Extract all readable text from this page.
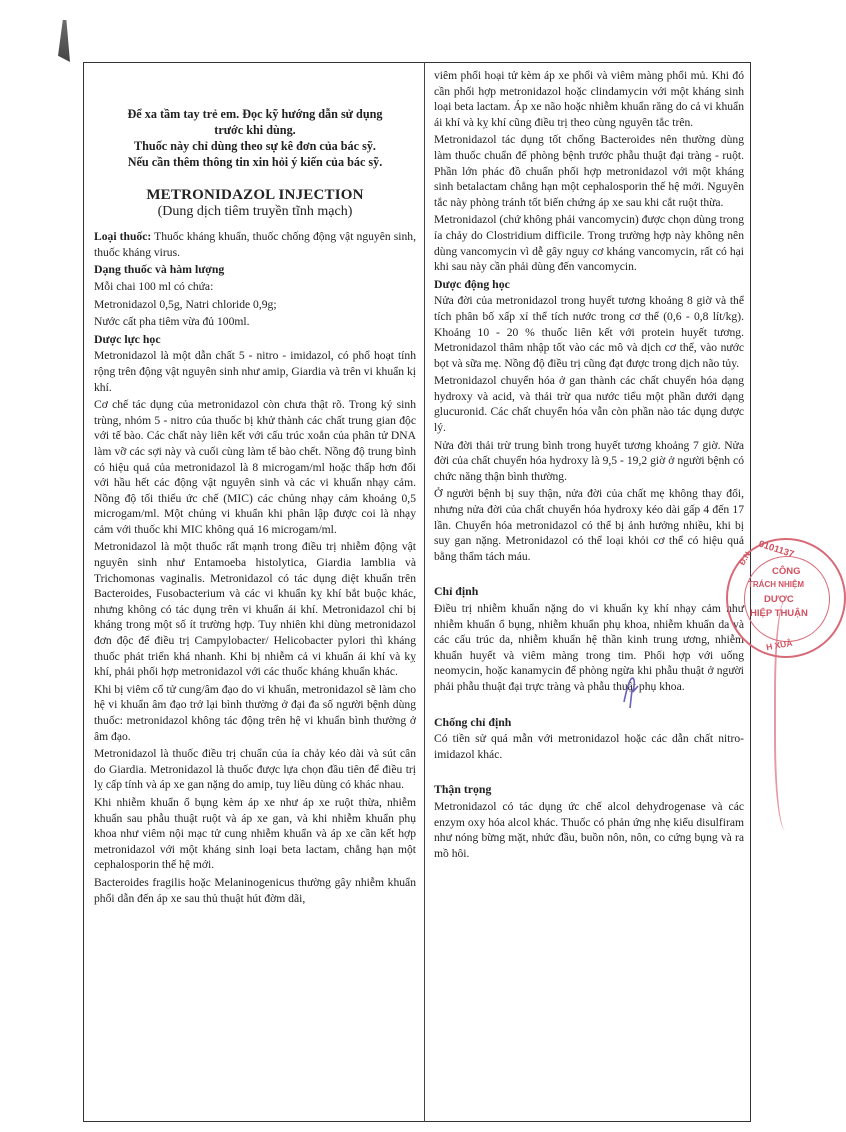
Để xa tầm tay trẻ em. Đọc kỹ hướng dẫn sử dụng
trước khi dùng.
Thuốc này chỉ dùng theo sự kê đơn của bác sỹ.
Nếu cần thêm thông tin xin hỏi ý kiến của bác sỹ.
METRONIDAZOL INJECTION
(Dung dịch tiêm truyền tĩnh mạch)

Loại thuốc: Thuốc kháng khuẩn, thuốc chống động vật nguyên sinh, thuốc kháng virus.

Dạng thuốc và hàm lượng

Mỗi chai 100 ml có chứa:

Metronidazol 0,5g, Natri chloride 0,9g;

Nước cất pha tiêm vừa đủ 100ml.

Dược lực học

Metronidazol là một dẫn chất 5 - nitro - imidazol, có phổ hoạt tính rộng trên động vật nguyên sinh như amip, Giardia và trên vi khuẩn kị khí.

Cơ chế tác dụng của metronidazol còn chưa thật rõ. Trong ký sinh trùng, nhóm 5 - nitro của thuốc bị khử thành các chất trung gian độc với tế bào. Các chất này liên kết với cấu trúc xoắn của phân tử DNA làm vỡ các sợi này và cuối cùng làm tế bào chết. Nồng độ trung bình có hiệu quả của metronidazol là 8 microgam/ml hoặc thấp hơn đối với hầu hết các động vật nguyên sinh và các vi khuẩn nhạy cảm. Nồng độ tối thiểu ức chế (MIC) các chủng nhạy cảm khoảng 0,5 microgam/ml. Một chủng vi khuẩn khi phân lập được coi là nhạy cảm với thuốc khi MIC không quá 16 microgam/ml.

Metronidazol là một thuốc rất mạnh trong điều trị nhiễm động vật nguyên sinh như Entamoeba histolytica, Giardia lamblia và Trichomonas vaginalis. Metronidazol có tác dụng diệt khuẩn trên Bacteroides, Fusobacterium và các vi khuẩn kỵ khí bắt buộc khác, nhưng không có tác dụng trên vi khuẩn ái khí. Metronidazol chỉ bị kháng trong một số ít trường hợp. Tuy nhiên khi dùng metronidazol đơn độc để điều trị Campylobacter/ Helicobacter pylori thì kháng thuốc phát triển khá nhanh. Khi bị nhiễm cả vi khuẩn ái khí và kỵ khí, phải phối hợp metronidazol với các thuốc kháng khuẩn khác.

Khi bị viêm cổ tử cung/âm đạo do vi khuẩn, metronidazol sẽ làm cho hệ vi khuẩn âm đạo trở lại bình thường ở đại đa số người bệnh dùng thuốc: metronidazol không tác động trên hệ vi khuẩn bình thường ở âm đạo.

Metronidazol là thuốc điều trị chuẩn của ỉa chảy kéo dài và sút cân do Giardia. Metronidazol là thuốc được lựa chọn đầu tiên để điều trị lỵ cấp tính và áp xe gan nặng do amip, tuy liều dùng có khác nhau.

Khi nhiễm khuẩn ổ bụng kèm áp xe như áp xe ruột thừa, nhiễm khuẩn sau phẫu thuật ruột và áp xe gan, và khi nhiễm khuẩn phụ khoa như viêm nội mạc tử cung nhiễm khuẩn và áp xe cần kết hợp metronidazol với một kháng sinh loại beta lactam, chẳng hạn một cephalosporin thế hệ mới.

Bacteroides fragilis hoặc Melaninogenicus thường gây nhiễm khuẩn phổi dẫn đến áp xe sau thủ thuật hút đờm dãi,

viêm phổi hoại tử kèm áp xe phổi và viêm màng phổi mủ. Khi đó cần phối hợp metronidazol hoặc clindamycin với một kháng sinh loại beta lactam. Áp xe não hoặc nhiễm khuẩn răng do cả vi khuẩn ái khí và kỵ khí cũng điều trị theo cùng nguyên tắc trên.

Metronidazol tác dụng tốt chống Bacteroides nên thường dùng làm thuốc chuẩn để phòng bệnh trước phẫu thuật đại tràng - ruột. Phần lớn phác đồ chuẩn phối hợp metronidazol với một kháng sinh betalactam chẳng hạn một cephalosporin thế hệ mới. Nguyên tắc này phòng tránh tốt biến chứng áp xe sau khi cắt ruột thừa.

Metronidazol (chứ không phải vancomycin) được chọn dùng trong ỉa chảy do Clostridium difficile. Trong trường hợp này không nên dùng vancomycin vì dễ gây nguy cơ kháng vancomycin, rất có hại khi sau này cần phải dùng đến vancomycin.

Dược động học

Nửa đời của metronidazol trong huyết tương khoảng 8 giờ và thể tích phân bố xấp xỉ thể tích nước trong cơ thể (0,6 - 0,8 lít/kg). Khoảng 10 - 20 % thuốc liên kết với protein huyết tương. Metronidazol thâm nhập tốt vào các mô và dịch cơ thể, vào nước bọt và sữa mẹ. Nồng độ điều trị cũng đạt được trong dịch não tủy.

Metronidazol chuyển hóa ở gan thành các chất chuyển hóa dạng hydroxy và acid, và thải trừ qua nước tiểu một phần dưới dạng glucuronid. Các chất chuyển hóa vẫn còn phần nào tác dụng dược lý.

Nửa đời thải trừ trung bình trong huyết tương khoảng 7 giờ. Nửa đời của chất chuyển hóa hydroxy là 9,5 - 19,2 giờ ở người bệnh có chức năng thận bình thường.

Ở người bệnh bị suy thận, nửa đời của chất mẹ không thay đổi, nhưng nửa đời của chất chuyển hóa hydroxy kéo dài gấp 4 đến 17 lần. Chuyển hóa metronidazol có thể bị ảnh hưởng nhiều, khi bị suy gan nặng. Metronidazol có thể loại khỏi cơ thể có hiệu quả bằng thẩm tách máu.

Chỉ định

Điều trị nhiễm khuẩn nặng do vi khuẩn kỵ khí nhạy cảm như nhiễm khuẩn ổ bụng, nhiễm khuẩn phụ khoa, nhiễm khuẩn da và các cấu trúc da, nhiễm khuẩn hệ thần kinh trung ương, nhiễm khuẩn huyết và viêm màng trong tim. Phối hợp với uống neomycin, hoặc kanamycin để phòng ngừa khi phẫu thuật ở người phải phẫu thuật đại trực tràng và phẫu thuật phụ khoa.

Chống chỉ định

Có tiền sử quá mẫn với metronidazol hoặc các dẫn chất nitro-imidazol khác.

Thận trọng

Metronidazol có tác dụng ức chế alcol dehydrogenase và các enzym oxy hóa alcol khác. Thuốc có phản ứng nhẹ kiểu disulfiram như nóng bừng mặt, nhức đầu, buồn nôn, nôn, co cứng bụng và ra mồ hôi.

0101137
Đ.N
CÔNG
TRÁCH NHIỆM
DƯỢC
HIỆP THUẬN
H XUÂ
